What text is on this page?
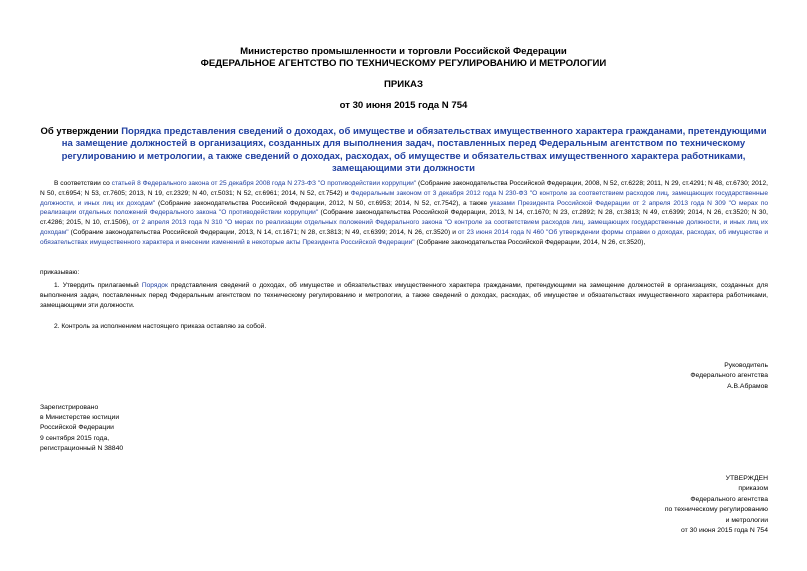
Министерство промышленности и торговли Российской Федерации
ФЕДЕРАЛЬНОЕ АГЕНТСТВО ПО ТЕХНИЧЕСКОМУ РЕГУЛИРОВАНИЮ И МЕТРОЛОГИИ
ПРИКАЗ
от 30 июня 2015 года N 754
Об утверждении Порядка представления сведений о доходах, об имуществе и обязательствах имущественного характера гражданами, претендующими на замещение должностей в организациях, созданных для выполнения задач, поставленных перед Федеральным агентством по техническому регулированию и метрологии, а также сведений о доходах, расходах, об имуществе и обязательствах имущественного характера работниками, замещающими эти должности
В соответствии со статьей 8 Федерального закона от 25 декабря 2008 года N 273-ФЗ "О противодействии коррупции" (Собрание законодательства Российской Федерации, 2008, N 52, ст.6228; 2011, N 29, ст.4291; N 48, ст.6730; 2012, N 50, ст.6954; N 53, ст.7605; 2013, N 19, ст.2329; N 40, ст.5031; N 52, ст.6961; 2014, N 52, ст.7542) и Федеральным законом от 3 декабря 2012 года N 230-ФЗ "О контроле за соответствием расходов лиц, замещающих государственные должности, и иных лиц их доходам" (Собрание законодательства Российской Федерации, 2012, N 50, ст.6953; 2014, N 52, ст.7542), а также указами Президента Российской Федерации от 2 апреля 2013 года N 309 "О мерах по реализации отдельных положений Федерального закона "О противодействии коррупции" (Собрание законодательства Российской Федерации, 2013, N 14, ст.1670; N 23, ст.2892; N 28, ст.3813; N 49, ст.6399; 2014, N 26, ст.3520; N 30, ст.4286; 2015, N 10, ст.1506), от 2 апреля 2013 года N 310 "О мерах по реализации отдельных положений Федерального закона "О контроле за соответствием расходов лиц, замещающих государственные должности, и иных лиц их доходам" (Собрание законодательства Российской Федерации, 2013, N 14, ст.1671; N 28, ст.3813; N 49, ст.6399; 2014, N 26, ст.3520) и от 23 июня 2014 года N 460 "Об утверждении формы справки о доходах, расходах, об имуществе и обязательствах имущественного характера и внесении изменений в некоторые акты Президента Российской Федерации" (Собрание законодательства Российской Федерации, 2014, N 26, ст.3520),
приказываю:
1. Утвердить прилагаемый Порядок представления сведений о доходах, об имуществе и обязательствах имущественного характера гражданами, претендующими на замещение должностей в организациях, созданных для выполнения задач, поставленных перед Федеральным агентством по техническому регулированию и метрологии, а также сведений о доходах, расходах, об имуществе и обязательствах имущественного характера работниками, замещающими эти должности.
2. Контроль за исполнением настоящего приказа оставляю за собой.
Руководитель
Федерального агентства
А.В.Абрамов
Зарегистрировано
в Министерстве юстиции
Российской Федерации
9 сентября 2015 года,
регистрационный N 38840
УТВЕРЖДЕН
приказом
Федерального агентства
по техническому регулированию
и метрологии
от 30 июня 2015 года N 754
